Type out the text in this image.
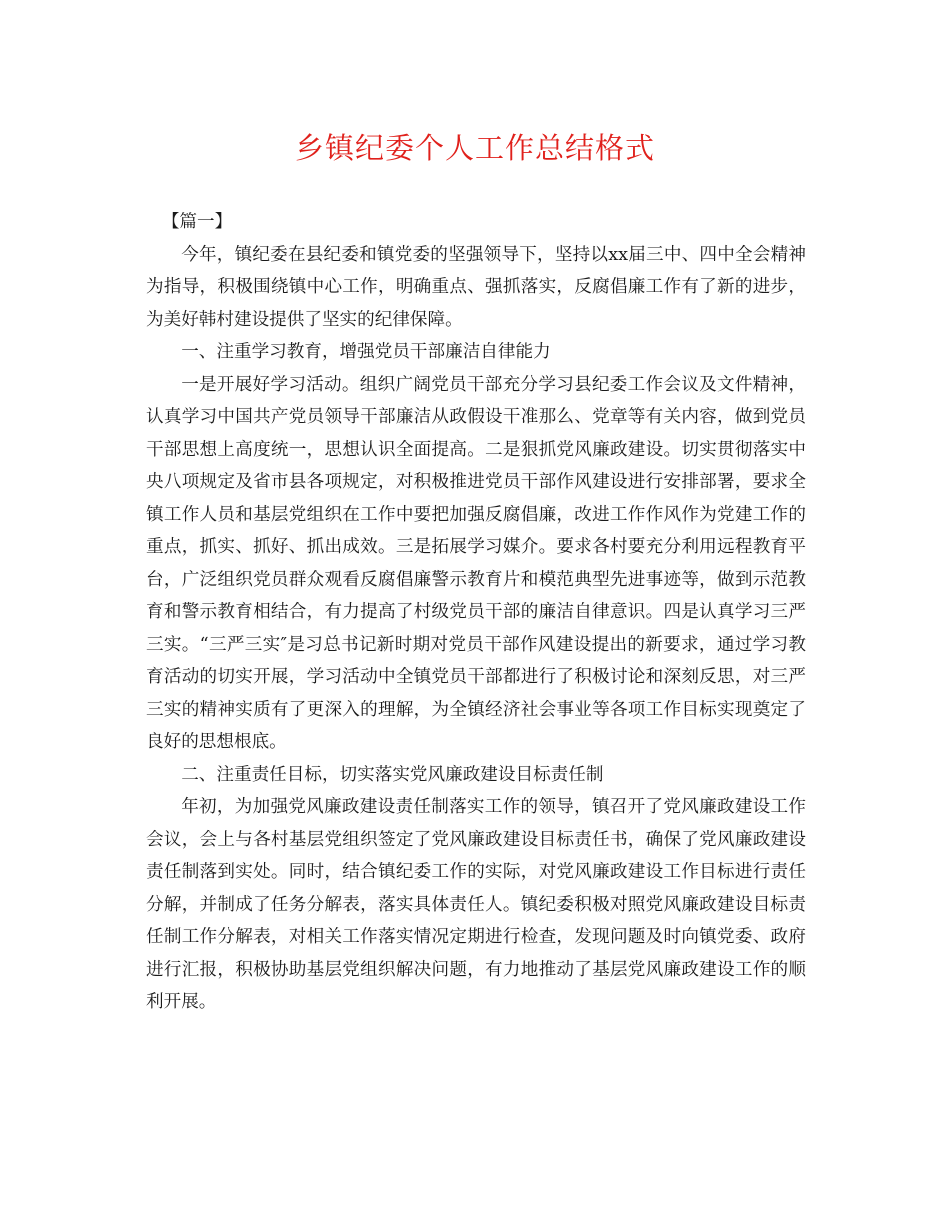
乡镇纪委个人工作总结格式

【篇一】

今年，镇纪委在县纪委和镇党委的坚强领导下，坚持以xx届三中、四中全会精神为指导，积极围绕镇中心工作，明确重点、强抓落实，反腐倡廉工作有了新的进步，为美好韩村建设提供了坚实的纪律保障。

一、注重学习教育，增强党员干部廉洁自律能力

一是开展好学习活动。组织广阔党员干部充分学习县纪委工作会议及文件精神，认真学习中国共产党员领导干部廉洁从政假设干准那么、党章等有关内容，做到党员干部思想上高度统一，思想认识全面提高。二是狠抓党风廉政建设。切实贯彻落实中央八项规定及省市县各项规定，对积极推进党员干部作风建设进行安排部署，要求全镇工作人员和基层党组织在工作中要把加强反腐倡廉，改进工作作风作为党建工作的重点，抓实、抓好、抓出成效。三是拓展学习媒介。要求各村要充分利用远程教育平台，广泛组织党员群众观看反腐倡廉警示教育片和模范典型先进事迹等，做到示范教育和警示教育相结合，有力提高了村级党员干部的廉洁自律意识。四是认真学习三严三实。“三严三实″是习总书记新时期对党员干部作风建设提出的新要求，通过学习教育活动的切实开展，学习活动中全镇党员干部都进行了积极讨论和深刻反思，对三严三实的精神实质有了更深入的理解，为全镇经济社会事业等各项工作目标实现奠定了良好的思想根底。

二、注重责任目标，切实落实党风廉政建设目标责任制

年初，为加强党风廉政建设责任制落实工作的领导，镇召开了党风廉政建设工作会议，会上与各村基层党组织签定了党风廉政建设目标责任书，确保了党风廉政建设责任制落到实处。同时，结合镇纪委工作的实际，对党风廉政建设工作目标进行责任分解，并制成了任务分解表，落实具体责任人。镇纪委积极对照党风廉政建设目标责任制工作分解表，对相关工作落实情况定期进行检查，发现问题及时向镇党委、政府进行汇报，积极协助基层党组织解决问题，有力地推动了基层党风廉政建设工作的顺利开展。
